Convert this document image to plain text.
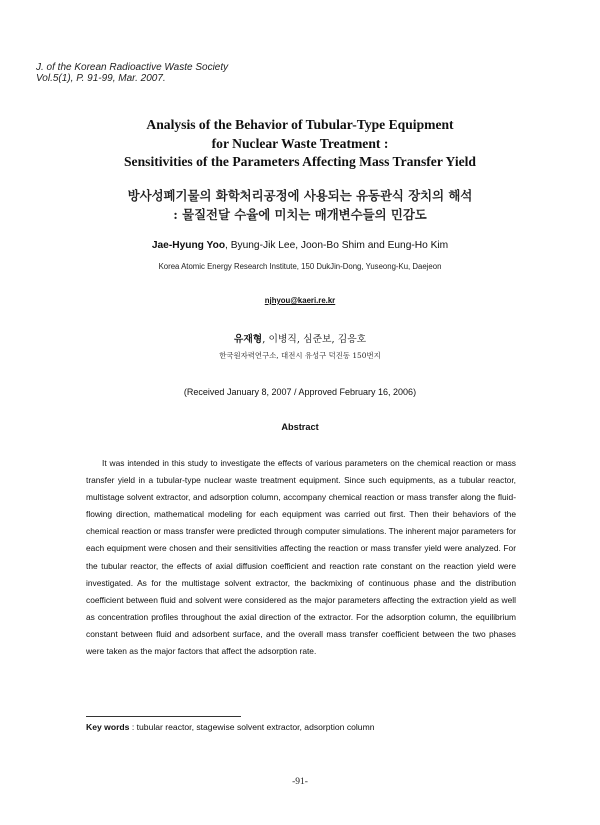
J. of the Korean Radioactive Waste Society
Vol.5(1), P. 91-99, Mar. 2007.
Analysis of the Behavior of Tubular-Type Equipment
for Nuclear Waste Treatment :
Sensitivities of the Parameters Affecting Mass Transfer Yield
방사성폐기물의 화학처리공정에 사용되는 유동관식 장치의 해석
: 물질전달 수율에 미치는 매개변수들의 민감도
Jae-Hyung Yoo, Byung-Jik Lee, Joon-Bo Shim and Eung-Ho Kim
Korea Atomic Energy Research Institute, 150 DukJin-Dong, Yuseong-Ku, Daejeon
njhyou@kaeri.re.kr
유재형, 이병직, 심준보, 김응호
한국원자력연구소, 대전시 유성구 덕진동 150번지
(Received January 8, 2007 / Approved February 16, 2006)
Abstract

It was intended in this study to investigate the effects of various parameters on the chemical reaction or mass transfer yield in a tubular-type nuclear waste treatment equipment. Since such equipments, as a tubular reactor, multistage solvent extractor, and adsorption column, accompany chemical reaction or mass transfer along the fluid-flowing direction, mathematical modeling for each equipment was carried out first. Then their behaviors of the chemical reaction or mass transfer were predicted through computer simulations. The inherent major parameters for each equipment were chosen and their sensitivities affecting the reaction or mass transfer yield were analyzed. For the tubular reactor, the effects of axial diffusion coefficient and reaction rate constant on the reaction yield were investigated. As for the multistage solvent extractor, the backmixing of continuous phase and the distribution coefficient between fluid and solvent were considered as the major parameters affecting the extraction yield as well as concentration profiles throughout the axial direction of the extractor. For the adsorption column, the equilibrium constant between fluid and adsorbent surface, and the overall mass transfer coefficient between the two phases were taken as the major factors that affect the adsorption rate.

Key words : tubular reactor, stagewise solvent extractor, adsorption column
-91-
